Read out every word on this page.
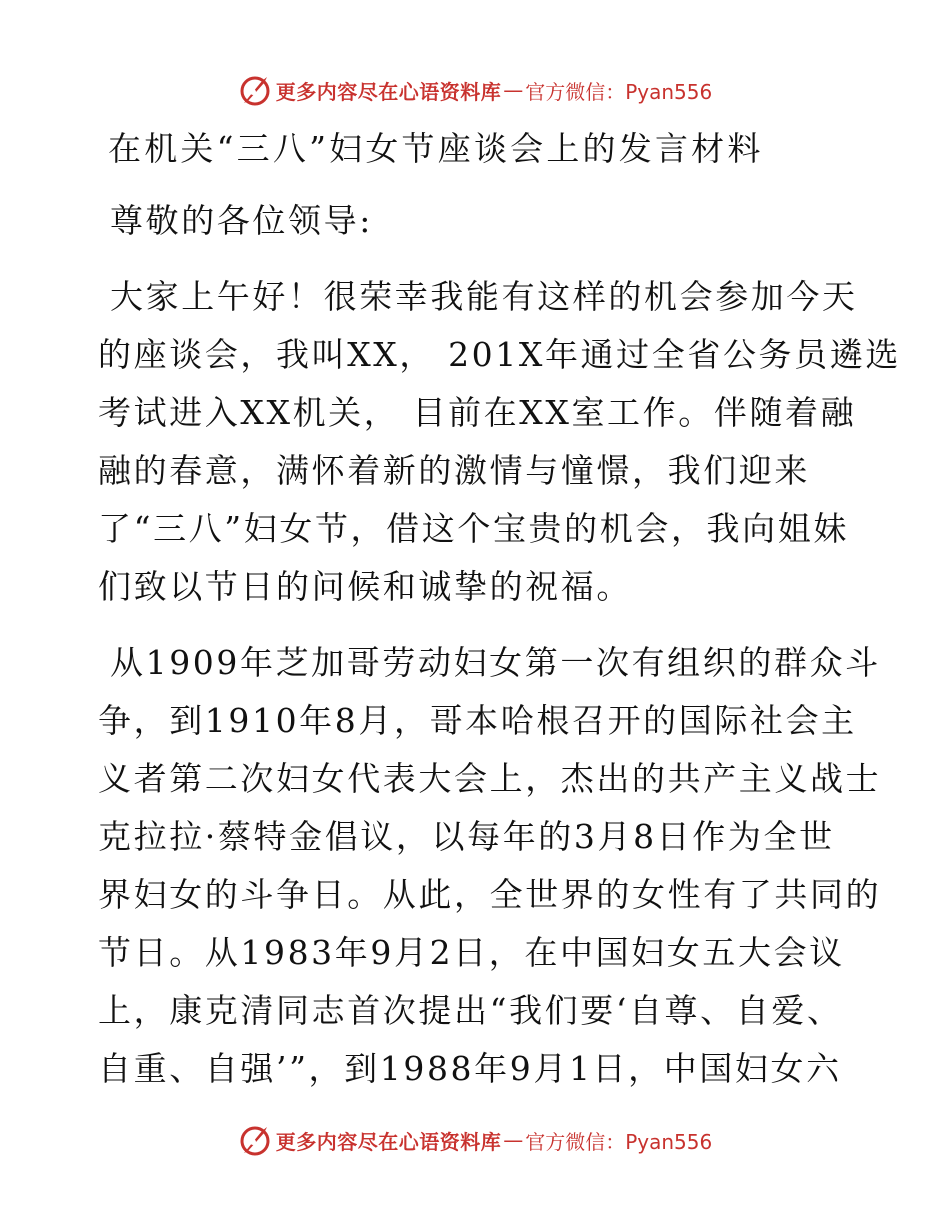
更多内容尽在心语资料库 — 官方微信：Pyan556
在机关“三八”妇女节座谈会上的发言材料
尊敬的各位领导:
大家上午好！很荣幸我能有这样的机会参加今天
的座谈会，我叫XX， 201X年通过全省公务员遴选
考试进入XX机关， 目前在XX室工作。伴随着融
融的春意，满怀着新的激情与憧憬，我们迎来
了“三八”妇女节，借这个宝贵的机会，我向姐妹
们致以节日的问候和诚挚的祝福。
从1909年芝加哥劳动妇女第一次有组织的群众斗
争，到1910年8月，哥本哈根召开的国际社会主
义者第二次妇女代表大会上，杰出的共产主义战士
克拉拉·蔡特金倡议，以每年的3月8日作为全世
界妇女的斗争日。从此，全世界的女性有了共同的
节日。从1983年9月2日，在中国妇女五大会议
上，康克清同志首次提出“我们要‘自尊、自爱、
自重、自强’”，到1988年9月1日，中国妇女六
更多内容尽在心语资料库 — 官方微信：Pyan556
